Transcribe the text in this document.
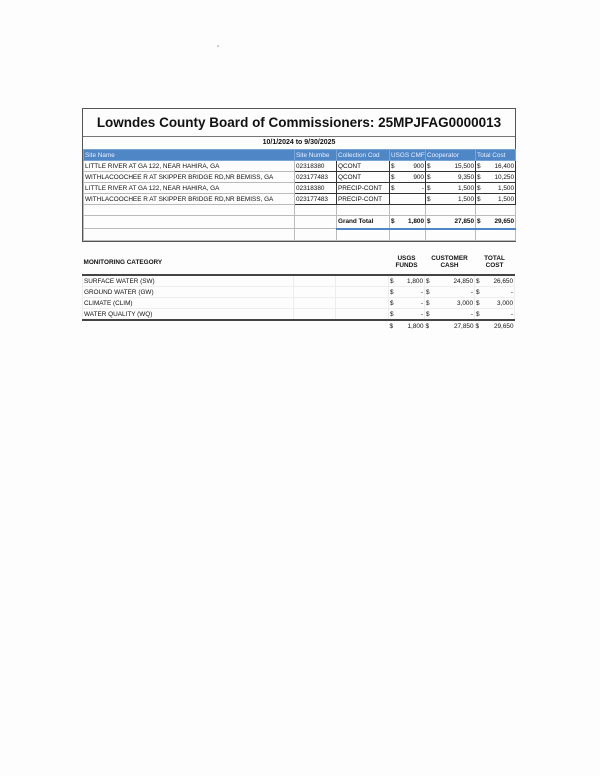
Lowndes County Board of Commissioners: 25MPJFAG0000013
10/1/2024 to 9/30/2025
Site Name	Site Numbe	Collection Cod	USGS CMF	Cooperator	Total Cost
LITTLE RIVER AT GA 122, NEAR HAHIRA, GA	02318380	QCONT	$ 900	$ 15,500	$ 16,400

WITHLACOOCHEE R AT SKIPPER BRIDGE RD,NR BEMISS, GA	023177483	QCONT	$ 900	$ 9,350	$ 10,250

LITTLE RIVER AT GA 122, NEAR HAHIRA, GA	02318380	PRECIP-CONT	$ -	$ 1,500	$ 1,500

WITHLACOOCHEE R AT SKIPPER BRIDGE RD,NR BEMISS, GA	023177483	PRECIP-CONT		$ 1,500	$ 1,500

		Grand Total	$ 1,800	$ 27,850	$ 29,650

MONITORING CATEGORY			USGS FUNDS	CUSTOMER CASH	TOTAL COST
SURFACE WATER (SW)			$ 1,800	$ 24,850	$ 26,650

GROUND WATER (GW)			$ -	$ -	$ -

CLIMATE (CLIM)			$ -	$ 3,000	$ 3,000

WATER QUALITY (WQ)			$ -	$ -	$ -

			$ 1,800	$ 27,850	$ 29,650
